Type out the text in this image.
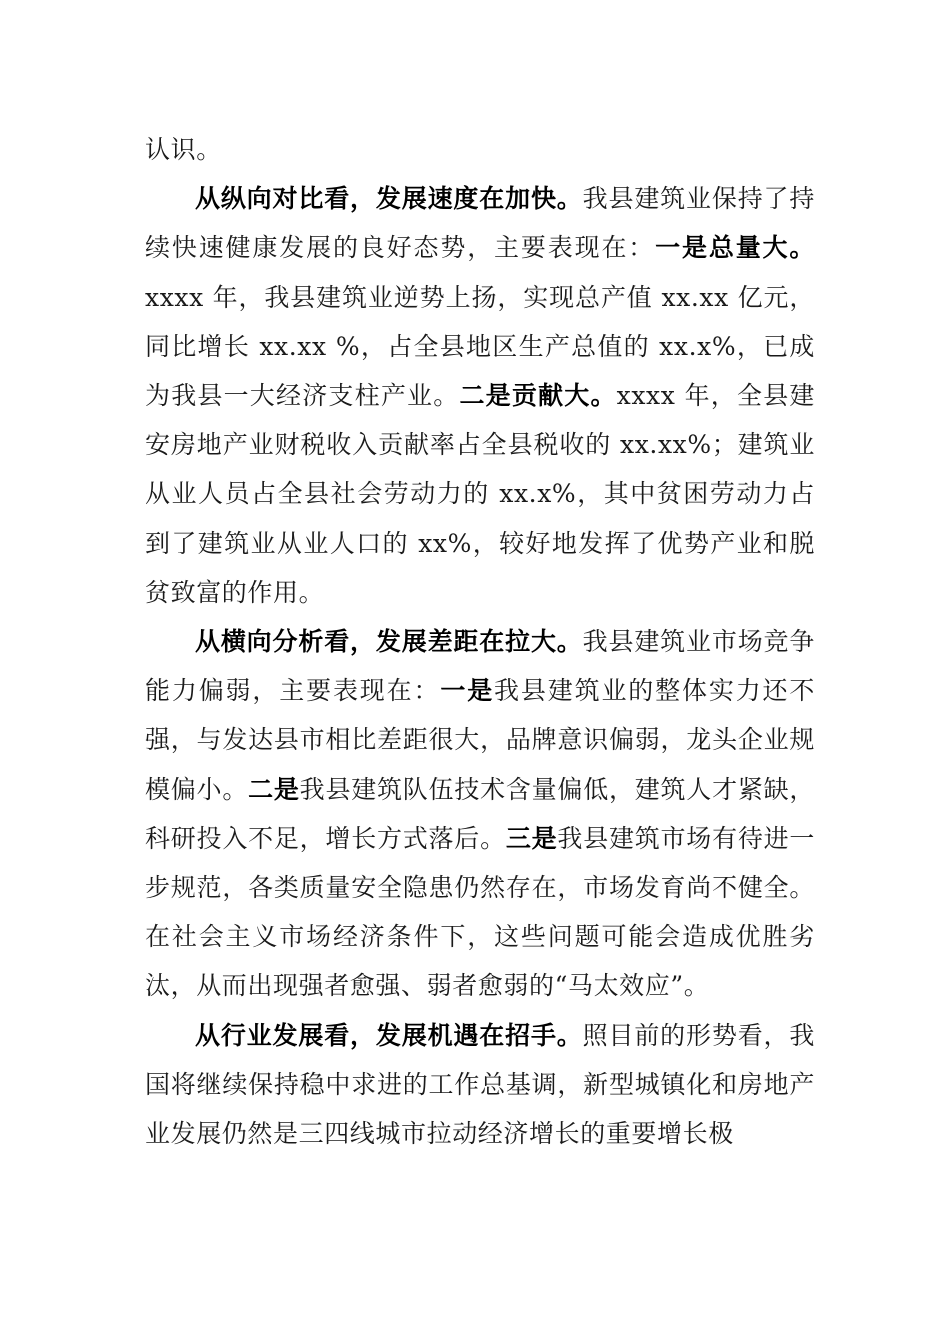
认识。

从纵向对比看，发展速度在加快。我县建筑业保持了持续快速健康发展的良好态势，主要表现在：一是总量大。xxxx 年，我县建筑业逆势上扬，实现总产值 xx.xx 亿元，同比增长 xx.xx %，占全县地区生产总值的 xx.x%，已成为我县一大经济支柱产业。二是贡献大。xxxx 年，全县建安房地产业财税收入贡献率占全县税收的 xx.xx%；建筑业从业人员占全县社会劳动力的 xx.x%，其中贫困劳动力占到了建筑业从业人口的 xx%，较好地发挥了优势产业和脱贫致富的作用。

从横向分析看，发展差距在拉大。我县建筑业市场竞争能力偏弱，主要表现在：一是我县建筑业的整体实力还不强，与发达县市相比差距很大，品牌意识偏弱，龙头企业规模偏小。二是我县建筑队伍技术含量偏低，建筑人才紧缺，科研投入不足，增长方式落后。三是我县建筑市场有待进一步规范，各类质量安全隐患仍然存在，市场发育尚不健全。在社会主义市场经济条件下，这些问题可能会造成优胜劣汰，从而出现强者愈强、弱者愈弱的“马太效应”。

从行业发展看，发展机遇在招手。照目前的形势看，我国将继续保持稳中求进的工作总基调，新型城镇化和房地产业发展仍然是三四线城市拉动经济增长的重要增长极
